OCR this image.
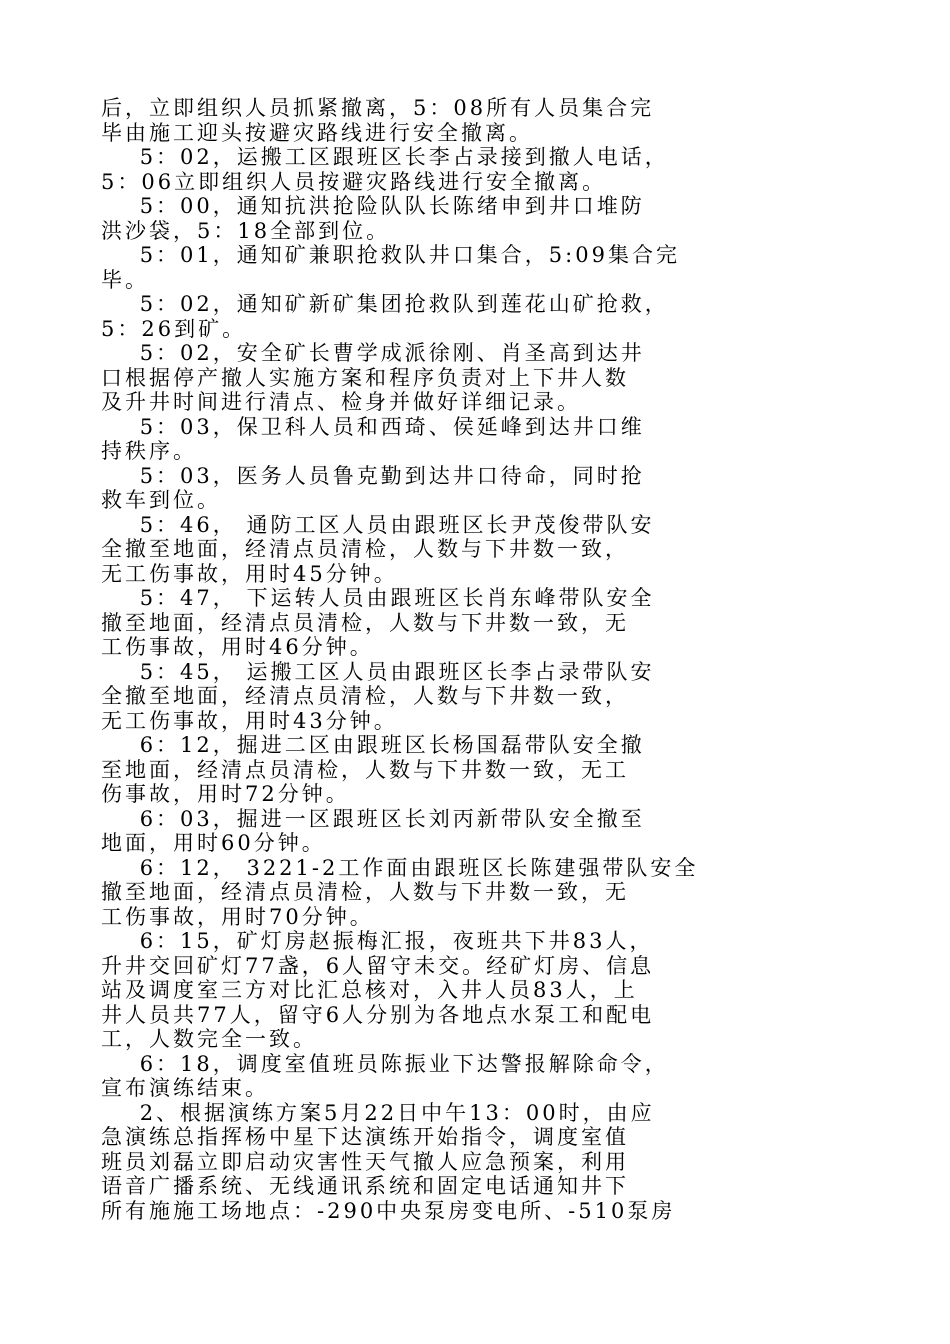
后，立即组织人员抓紧撤离，5：08所有人员集合完
毕由施工迎头按避灾路线进行安全撤离。
5：02，运搬工区跟班区长李占录接到撤人电话，
5：06立即组织人员按避灾路线进行安全撤离。
5：00，通知抗洪抢险队队长陈绪申到井口堆防
洪沙袋，5：18全部到位。
5：01，通知矿兼职抢救队井口集合，5:09集合完
毕。
5：02，通知矿新矿集团抢救队到莲花山矿抢救，
5：26到矿。
5：02，安全矿长曹学成派徐刚、肖圣高到达井
口根据停产撤人实施方案和程序负责对上下井人数
及升井时间进行清点、检身并做好详细记录。
5：03，保卫科人员和西琦、侯延峰到达井口维
持秩序。
5：03，医务人员鲁克勤到达井口待命，同时抢
救车到位。
5：46， 通防工区人员由跟班区长尹茂俊带队安
全撤至地面，经清点员清检，人数与下井数一致，
无工伤事故，用时45分钟。
5：47， 下运转人员由跟班区长肖东峰带队安全
撤至地面，经清点员清检，人数与下井数一致，无
工伤事故，用时46分钟。
5：45， 运搬工区人员由跟班区长李占录带队安
全撤至地面，经清点员清检，人数与下井数一致，
无工伤事故，用时43分钟。
6：12，掘进二区由跟班区长杨国磊带队安全撤
至地面，经清点员清检，人数与下井数一致，无工
伤事故，用时72分钟。
6：03，掘进一区跟班区长刘丙新带队安全撤至
地面，用时60分钟。
6：12， 3221-2工作面由跟班区长陈建强带队安全
撤至地面，经清点员清检，人数与下井数一致，无
工伤事故，用时70分钟。
6：15，矿灯房赵振梅汇报，夜班共下井83人，
升井交回矿灯77盏，6人留守未交。经矿灯房、信息
站及调度室三方对比汇总核对，入井人员83人，上
井人员共77人，留守6人分别为各地点水泵工和配电
工，人数完全一致。
6：18，调度室值班员陈振业下达警报解除命令，
宣布演练结束。
2、根据演练方案5月22日中午13：00时，由应
急演练总指挥杨中星下达演练开始指令，调度室值
班员刘磊立即启动灾害性天气撤人应急预案，利用
语音广播系统、无线通讯系统和固定电话通知井下
所有施施工场地点：-290中央泵房变电所、-510泵房
